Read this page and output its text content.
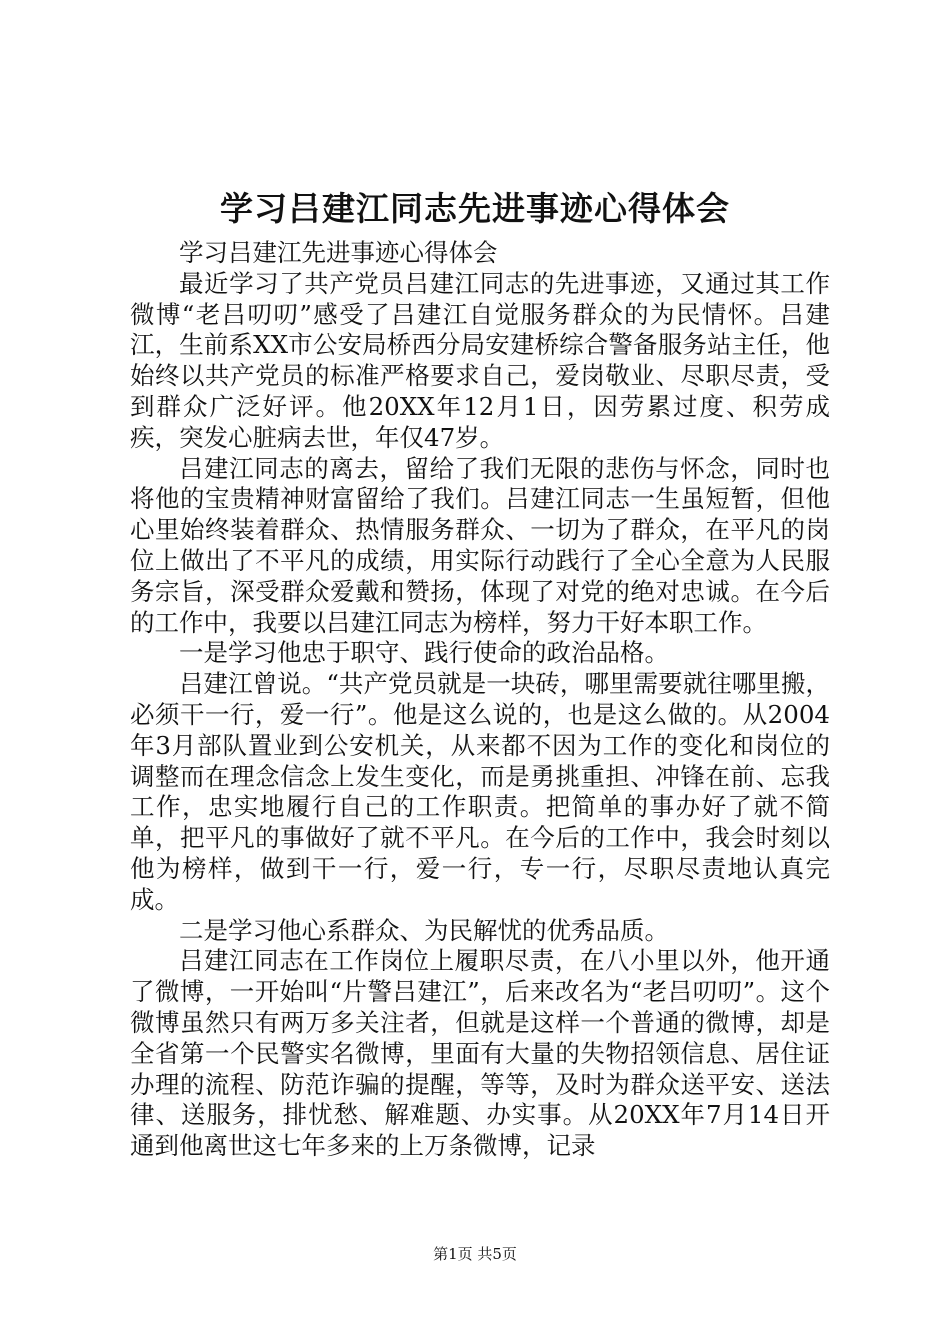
学习吕建江同志先进事迹心得体会

学习吕建江先进事迹心得体会

最近学习了共产党员吕建江同志的先进事迹，又通过其工作微博“老吕叨叨”感受了吕建江自觉服务群众的为民情怀。吕建江，生前系XX市公安局桥西分局安建桥综合警备服务站主任，他始终以共产党员的标准严格要求自己，爱岗敬业、尽职尽责，受到群众广泛好评。他20XX年12月1日，因劳累过度、积劳成疾，突发心脏病去世，年仅47岁。

吕建江同志的离去，留给了我们无限的悲伤与怀念，同时也将他的宝贵精神财富留给了我们。吕建江同志一生虽短暂，但他心里始终装着群众、热情服务群众、一切为了群众，在平凡的岗位上做出了不平凡的成绩，用实际行动践行了全心全意为人民服务宗旨，深受群众爱戴和赞扬，体现了对党的绝对忠诚。在今后的工作中，我要以吕建江同志为榜样，努力干好本职工作。

一是学习他忠于职守、践行使命的政治品格。

吕建江曾说。“共产党员就是一块砖，哪里需要就往哪里搬，必须干一行，爱一行”。他是这么说的，也是这么做的。从2004年3月部队置业到公安机关，从来都不因为工作的变化和岗位的调整而在理念信念上发生变化，而是勇挑重担、冲锋在前、忘我工作，忠实地履行自己的工作职责。把简单的事办好了就不简单，把平凡的事做好了就不平凡。在今后的工作中，我会时刻以他为榜样，做到干一行，爱一行，专一行，尽职尽责地认真完成。

二是学习他心系群众、为民解忧的优秀品质。

吕建江同志在工作岗位上履职尽责，在八小里以外，他开通了微博，一开始叫“片警吕建江”，后来改名为“老吕叨叨”。这个微博虽然只有两万多关注者，但就是这样一个普通的微博，却是全省第一个民警实名微博，里面有大量的失物招领信息、居住证办理的流程、防范诈骗的提醒，等等，及时为群众送平安、送法律、送服务，排忧愁、解难题、办实事。从20XX年7月14日开通到他离世这七年多来的上万条微博，记录

第1页 共5页
